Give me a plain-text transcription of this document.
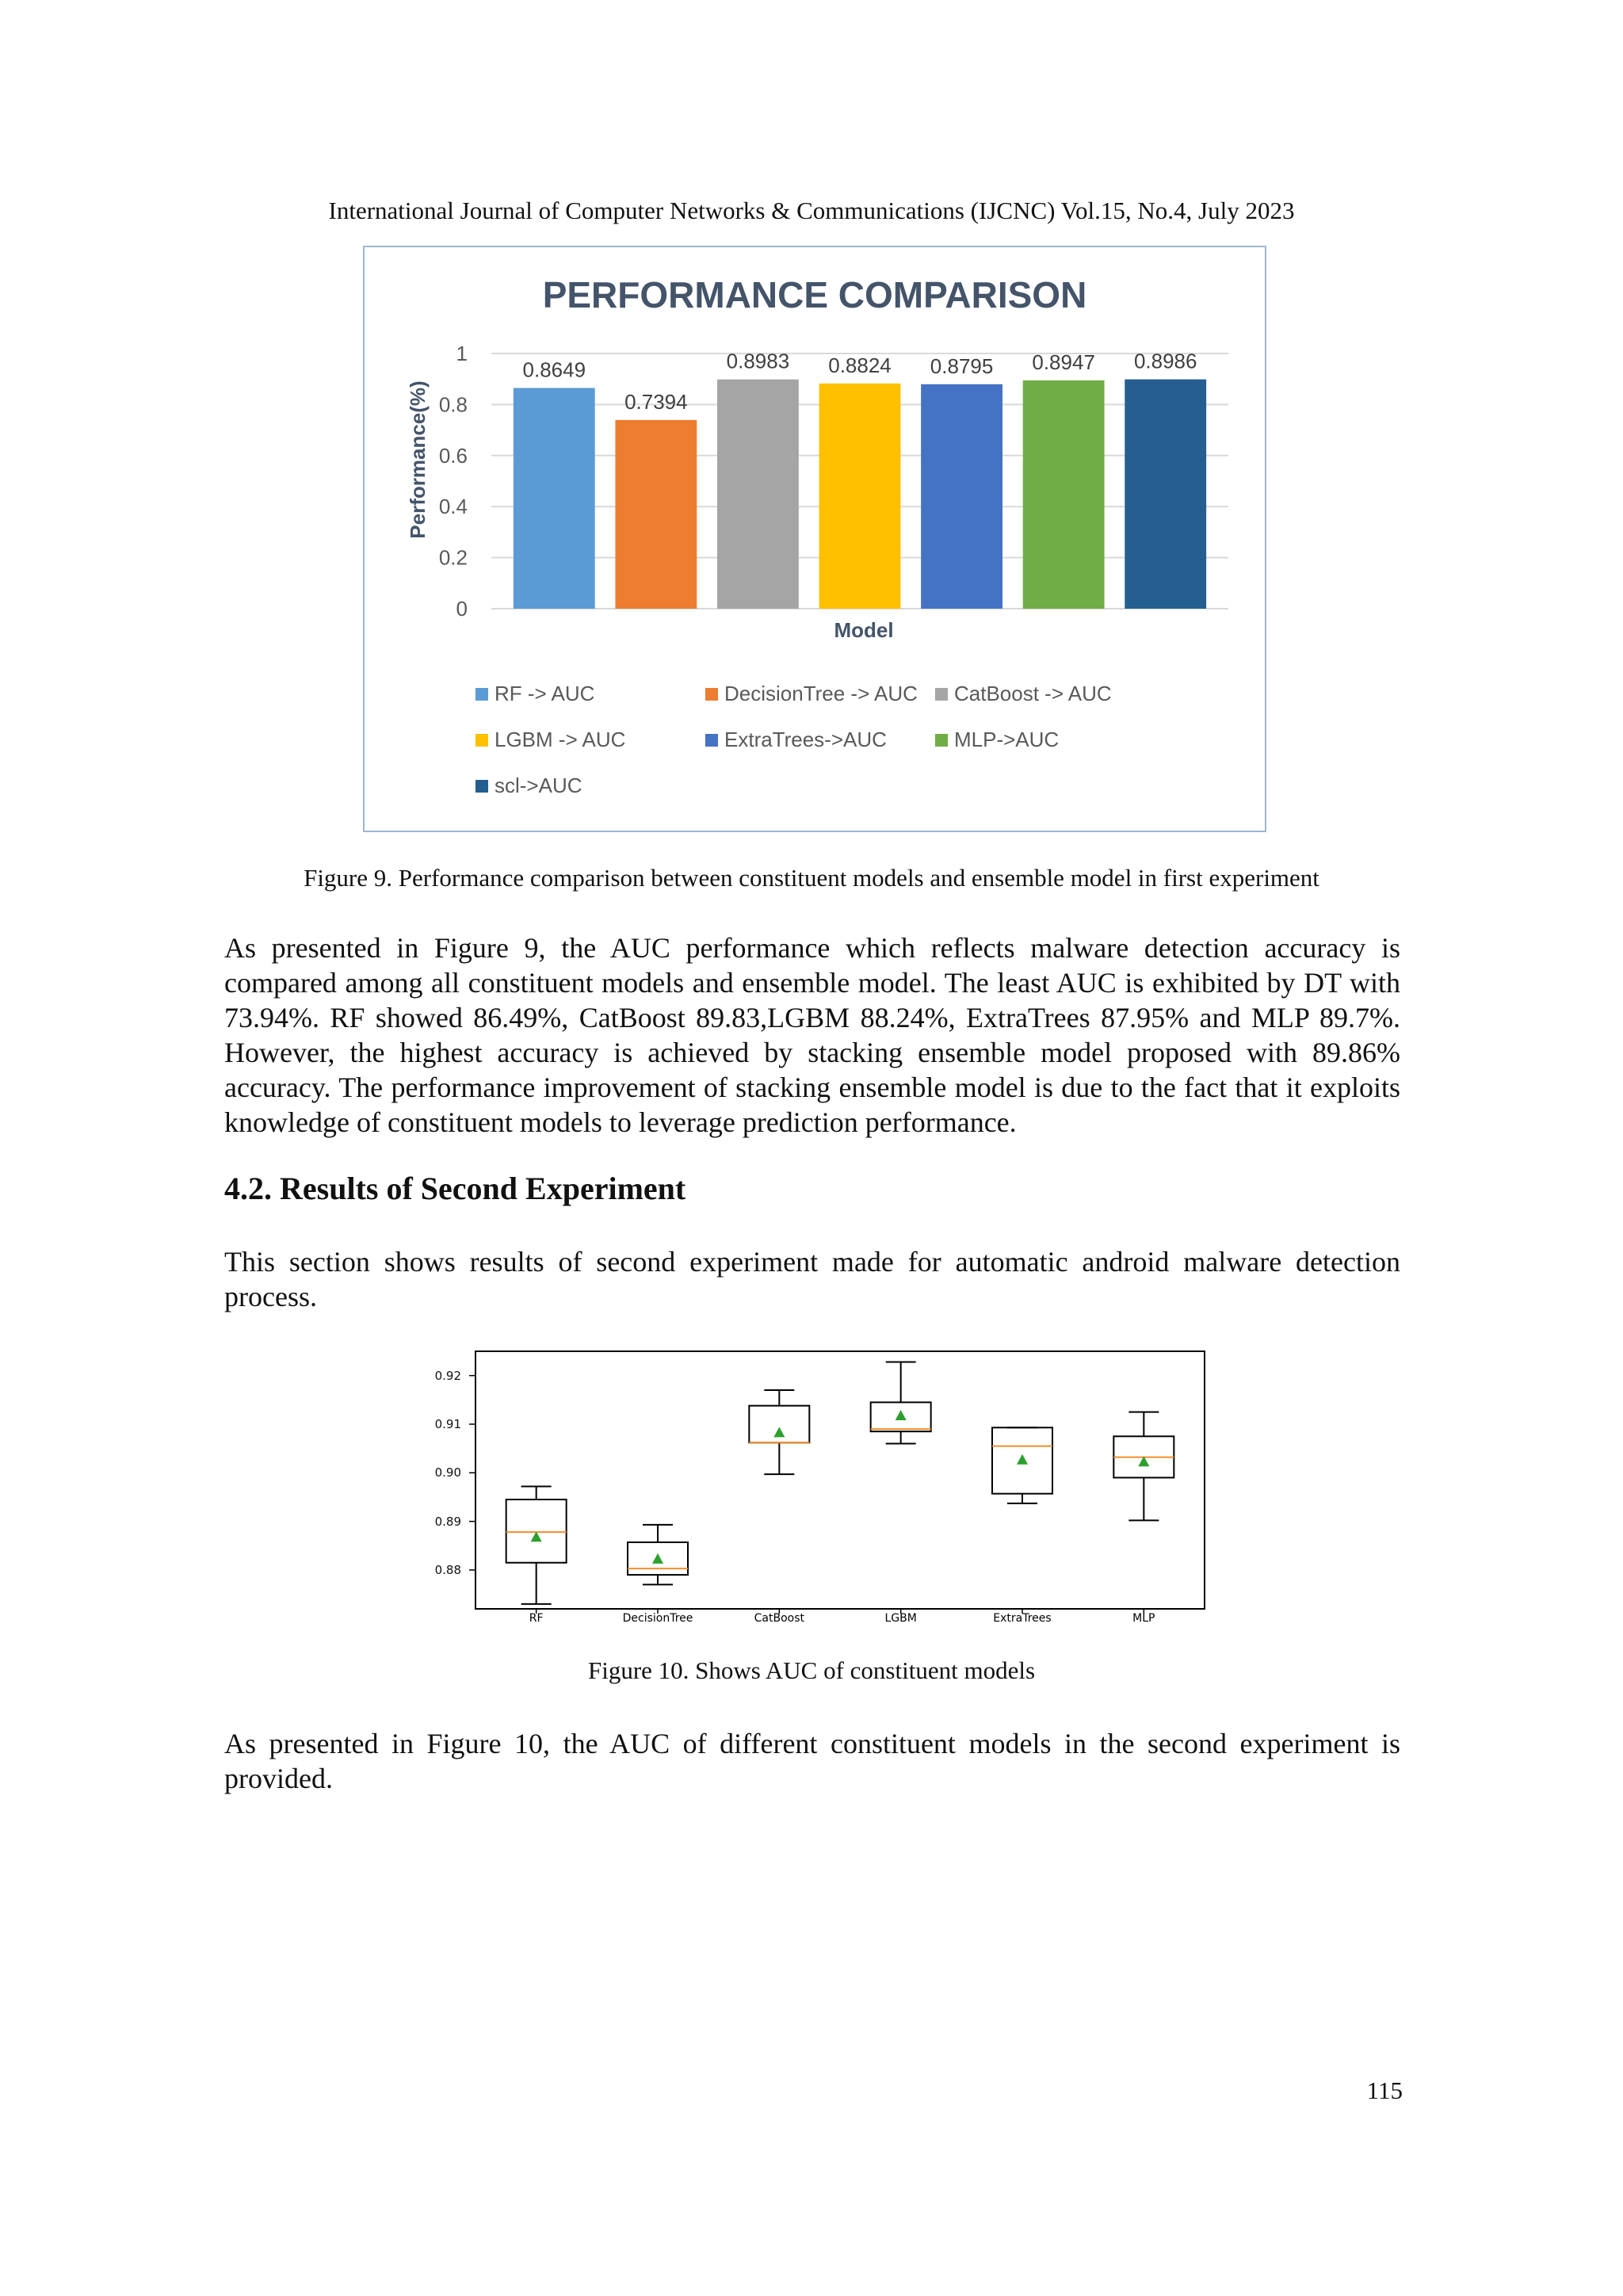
International Journal of Computer Networks & Communications (IJCNC) Vol.15, No.4, July 2023
0
0.2
0.4
0.6
0.8
1
0.8649
0.7394
0.8983 0.8824 0.8795 0.8947 0.8986
RF -> AUC	DecisionTree -> AUC CatBoost -> AUC
LGBM -> AUC	ExtraTrees->AUC	MLP->AUC
scl->AUC
PERFORMANCE COMPARISON
Performance(%)
Model
Figure 9. Performance comparison between constituent models and ensemble model in first experiment
As presented in Figure 9, the AUC performance which reflects malware detection accuracy is compared among all constituent models and ensemble model. The least AUC is exhibited by DT with 73.94%. RF showed 86.49%, CatBoost 89.83,LGBM 88.24%, ExtraTrees 87.95% and MLP 89.7%. However, the highest accuracy is achieved by stacking ensemble model proposed with 89.86% accuracy. The performance improvement of stacking ensemble model is due to the fact that it exploits knowledge of constituent models to leverage prediction performance.
4.2. Results of Second Experiment
This section shows results of second experiment made for automatic android malware detection process.
RF	DecisionTree	CatBoost	LGBM	ExtraTrees	MLP
0.88
0.89
0.90
0.91
0.92
Figure 10. Shows AUC of constituent models
As presented in Figure 10, the AUC of different constituent models in the second experiment is provided.
115
